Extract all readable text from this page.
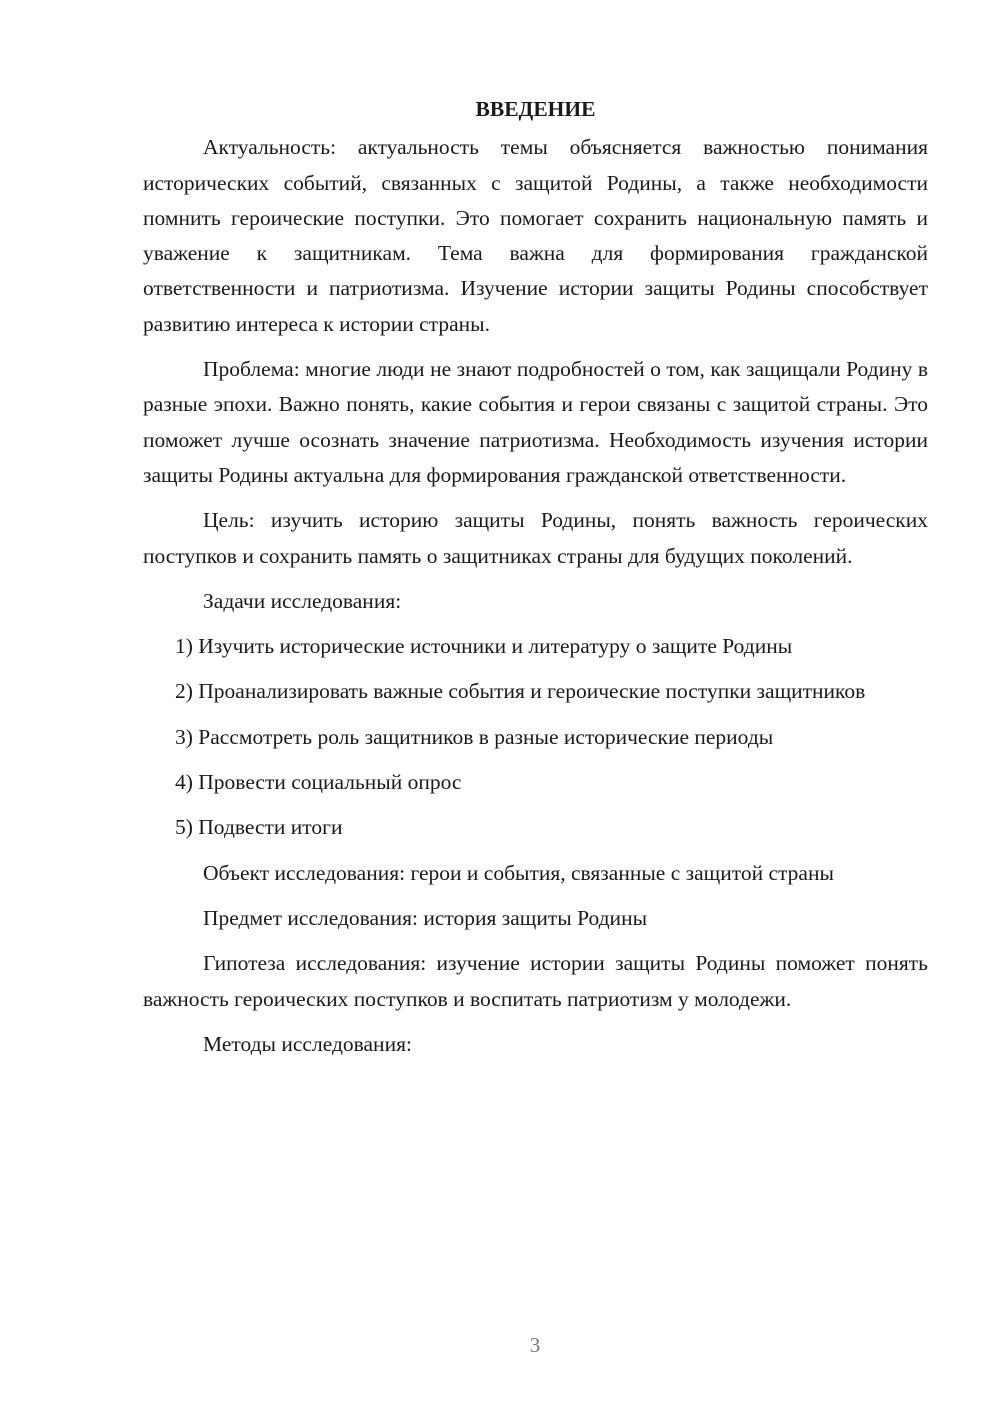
ВВЕДЕНИЕ

Актуальность: актуальность темы объясняется важностью понимания исторических событий, связанных с защитой Родины, а также необходимости помнить героические поступки. Это помогает сохранить национальную память и уважение к защитникам. Тема важна для формирования гражданской ответственности и патриотизма. Изучение истории защиты Родины способствует развитию интереса к истории страны.

Проблема: многие люди не знают подробностей о том, как защищали Родину в разные эпохи. Важно понять, какие события и герои связаны с защитой страны. Это поможет лучше осознать значение патриотизма. Необходимость изучения истории защиты Родины актуальна для формирования гражданской ответственности.

Цель: изучить историю защиты Родины, понять важность героических поступков и сохранить память о защитниках страны для будущих поколений.

Задачи исследования:

1) Изучить исторические источники и литературу о защите Родины

2) Проанализировать важные события и героические поступки защитников

3) Рассмотреть роль защитников в разные исторические периоды

4) Провести социальный опрос

5) Подвести итоги

Объект исследования: герои и события, связанные с защитой страны

Предмет исследования: история защиты Родины

Гипотеза исследования: изучение истории защиты Родины поможет понять важность героических поступков и воспитать патриотизм у молодежи.

Методы исследования:

3
